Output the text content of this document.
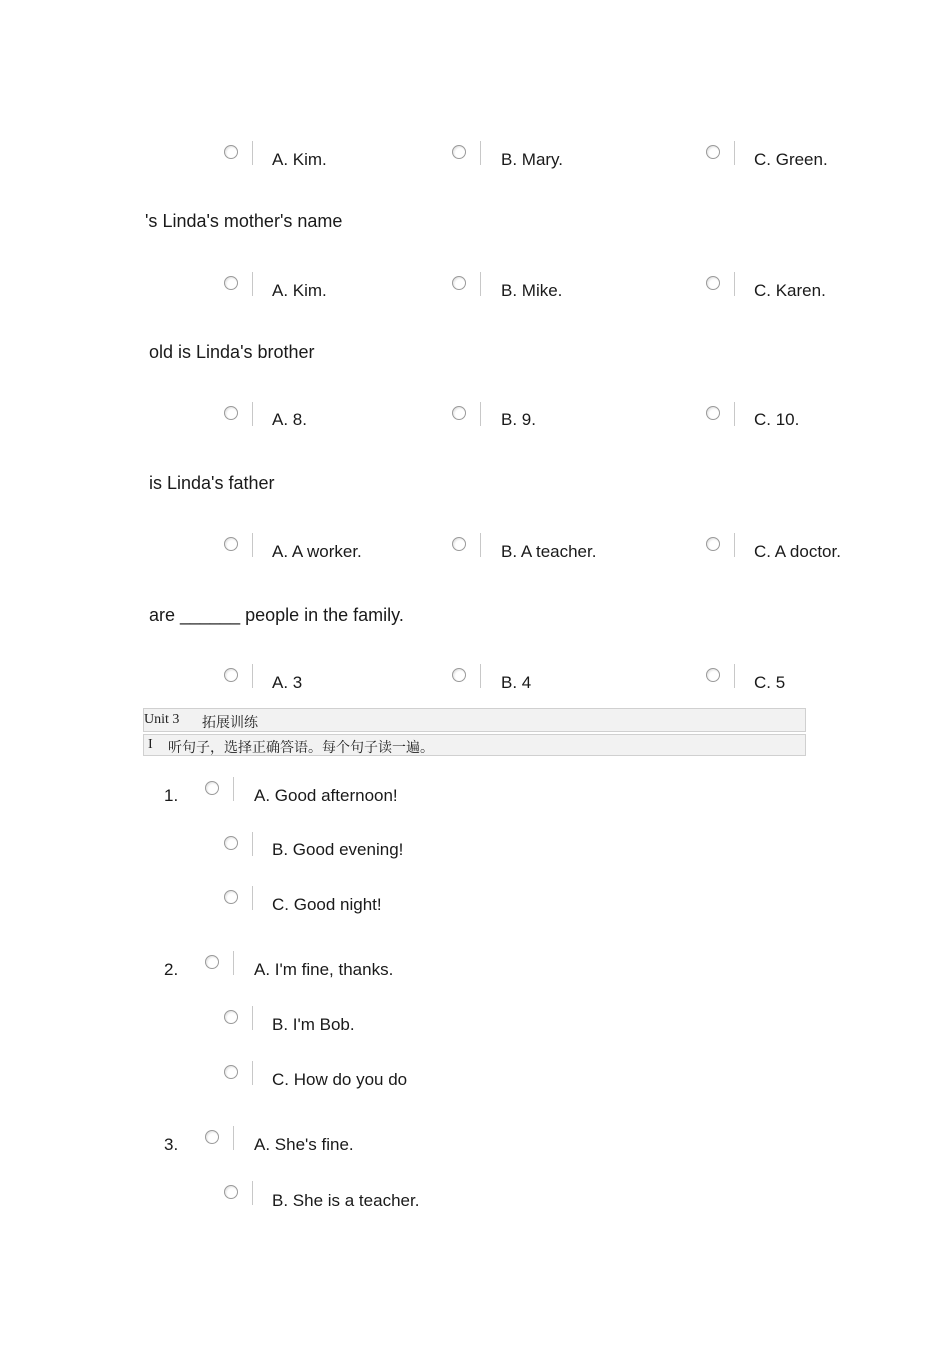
A. Kim.	B. Mary.	C. Green.
's Linda's mother's name
A. Kim.	B. Mike.	C. Karen.
old is Linda's brother
A. 8.	B. 9.	C. 10.
is Linda's father
A. A worker.	B. A teacher.	C. A doctor.
are ______ people in the family.
A. 3	B. 4	C. 5
Unit 3 拓展训练
I 听句子，选择正确答语。每个句子读一遍。
1.	A. Good afternoon!
B. Good evening!
C. Good night!
2.	A. I'm fine, thanks.
B. I'm Bob.
C. How do you do
3.	A. She's fine.
B. She is a teacher.
